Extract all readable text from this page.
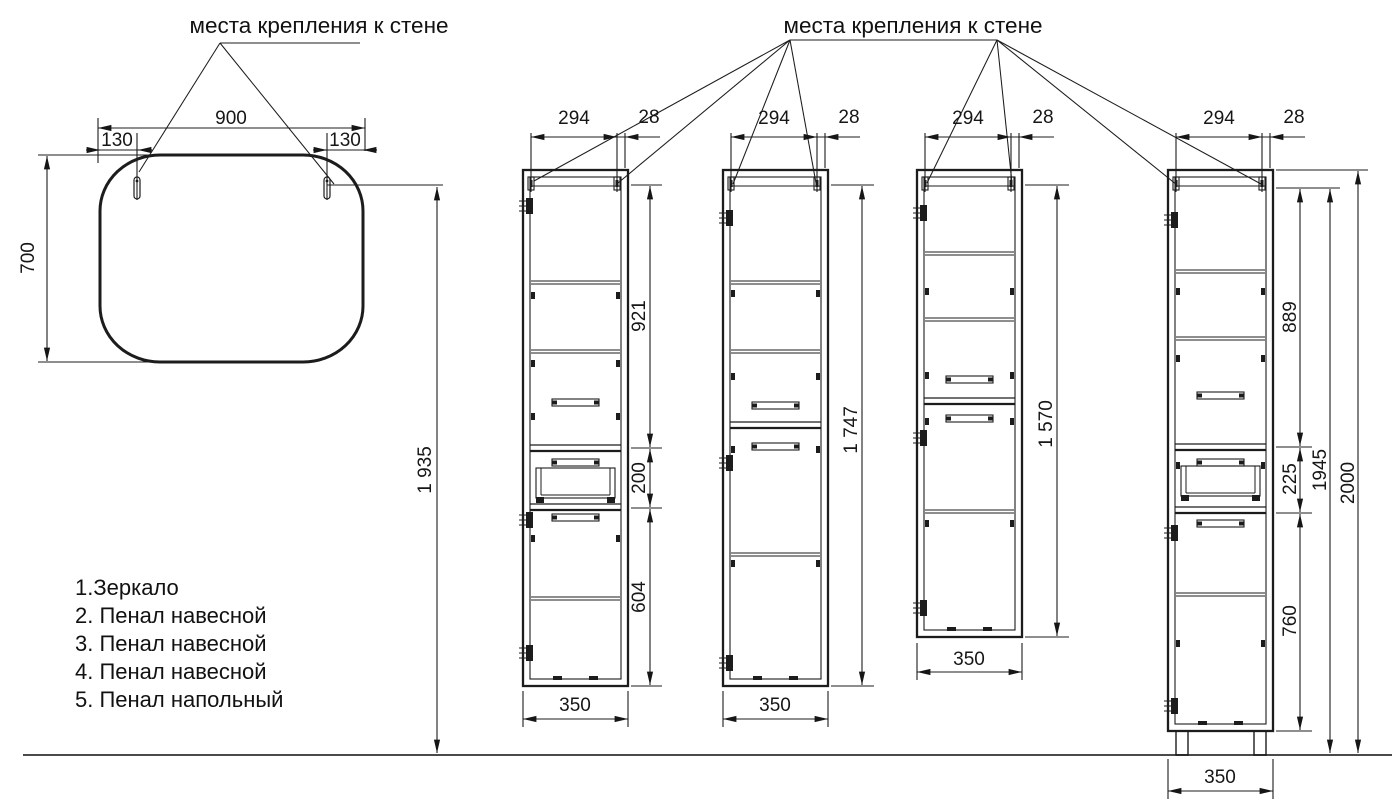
места крепления к стене	места крепления к стене
900
130	130
700
1 935
294	28
921
200
604
350
294	28
1 747
350
294	28
1 570
350
294	28
889
225
760
1945 2000
350
1.Зеркало
2. Пенал навесной
3. Пенал навесной
4. Пенал навесной
5. Пенал напольный
